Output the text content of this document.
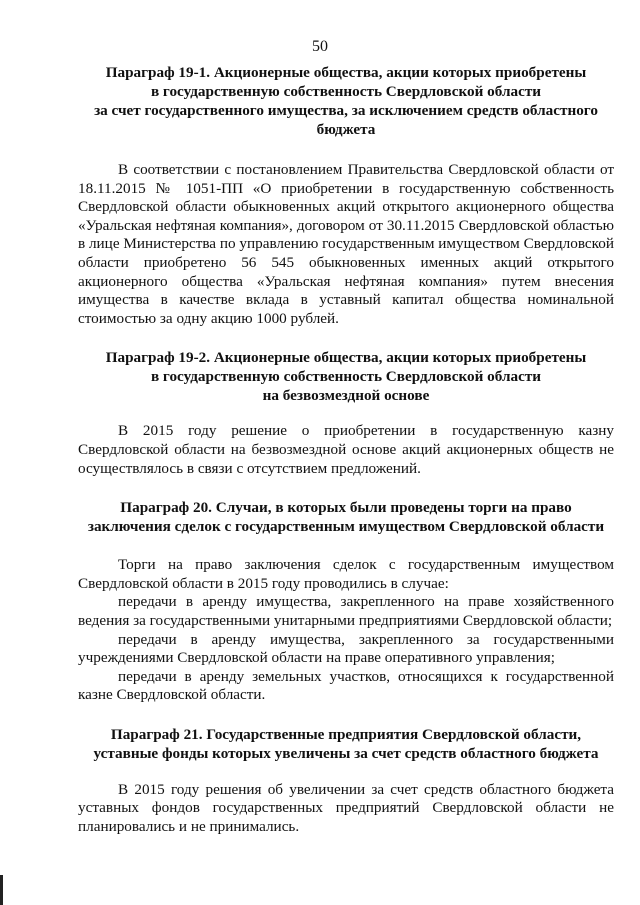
50
Параграф 19-1. Акционерные общества, акции которых приобретены
в государственную собственность Свердловской области
за счет государственного имущества, за исключением средств областного
бюджета

В соответствии с постановлением Правительства Свердловской области от 18.11.2015 № 1051-ПП «О приобретении в государственную собственность Свердловской области обыкновенных акций открытого акционерного общества «Уральская нефтяная компания», договором от 30.11.2015 Свердловской областью в лице Министерства по управлению государственным имуществом Свердловской области приобретено 56 545 обыкновенных именных акций открытого акционерного общества «Уральская нефтяная компания» путем внесения имущества в качестве вклада в уставный капитал общества номинальной стоимостью за одну акцию 1000 рублей.

Параграф 19-2. Акционерные общества, акции которых приобретены
в государственную собственность Свердловской области
на безвозмездной основе

В 2015 году решение о приобретении в государственную казну Свердловской области на безвозмездной основе акций акционерных обществ не осуществлялось в связи с отсутствием предложений.

Параграф 20. Случаи, в которых были проведены торги на право
заключения сделок с государственным имуществом Свердловской области

Торги на право заключения сделок с государственным имуществом Свердловской области в 2015 году проводились в случае:

передачи в аренду имущества, закрепленного на праве хозяйственного ведения за государственными унитарными предприятиями Свердловской области;

передачи в аренду имущества, закрепленного за государственными учреждениями Свердловской области на праве оперативного управления;

передачи в аренду земельных участков, относящихся к государственной казне Свердловской области.

Параграф 21. Государственные предприятия Свердловской области,
уставные фонды которых увеличены за счет средств областного бюджета

В 2015 году решения об увеличении за счет средств областного бюджета уставных фондов государственных предприятий Свердловской области не планировались и не принимались.
